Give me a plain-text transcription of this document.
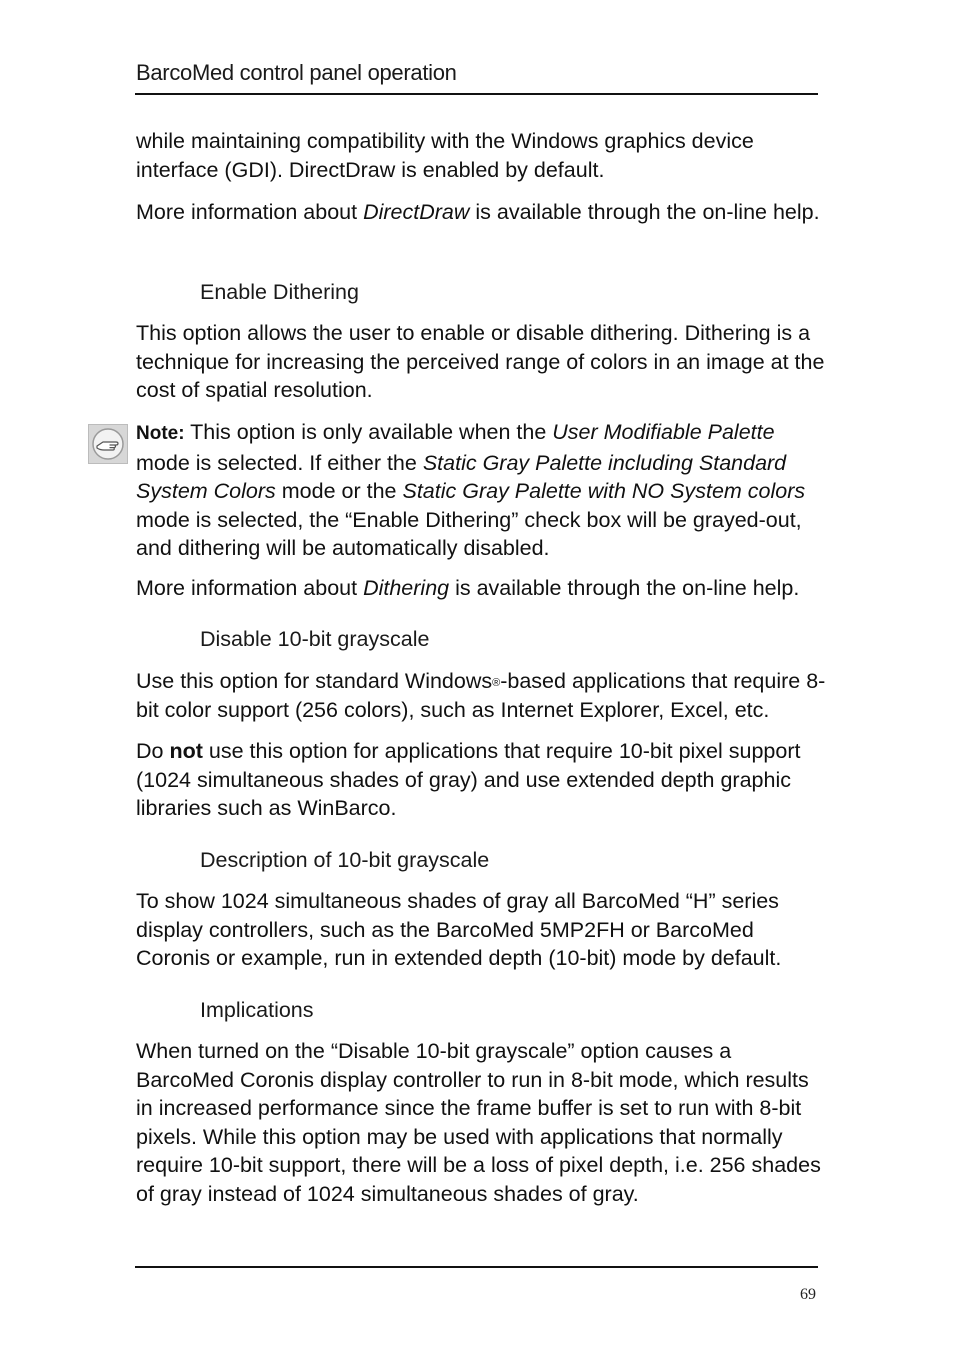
BarcoMed control panel operation

while maintaining compatibility with the Windows graphics device interface (GDI). DirectDraw is enabled by default.

More information about DirectDraw is available through the on-line help.

Enable Dithering

This option allows the user to enable or disable dithering. Dithering is a technique for increasing the perceived range of colors in an image at the cost of spatial resolution.

Note: This option is only available when the User Modifiable Palette mode is selected. If either the Static Gray Palette including Standard System Colors mode or the Static Gray Palette with NO System colors mode is selected, the “Enable Dithering” check box will be grayed-out, and dithering will be automatically disabled.

More information about Dithering is available through the on-line help.

Disable 10-bit grayscale

Use this option for standard Windows®-based applications that require 8-bit color support (256 colors), such as Internet Explorer, Excel, etc.

Do not use this option for applications that require 10-bit pixel support (1024 simultaneous shades of gray) and use extended depth graphic libraries such as WinBarco.

Description of 10-bit grayscale

To show 1024 simultaneous shades of gray all BarcoMed “H” series display controllers, such as the BarcoMed 5MP2FH or BarcoMed Coronis or example, run in extended depth (10-bit) mode by default.

Implications

When turned on the “Disable 10-bit grayscale” option causes a BarcoMed Coronis display controller to run in 8-bit mode, which results in increased performance since the frame buffer is set to run with 8-bit pixels. While this option may be used with applications that normally require 10-bit support, there will be a loss of pixel depth, i.e. 256 shades of gray instead of 1024 simultaneous shades of gray.

69
